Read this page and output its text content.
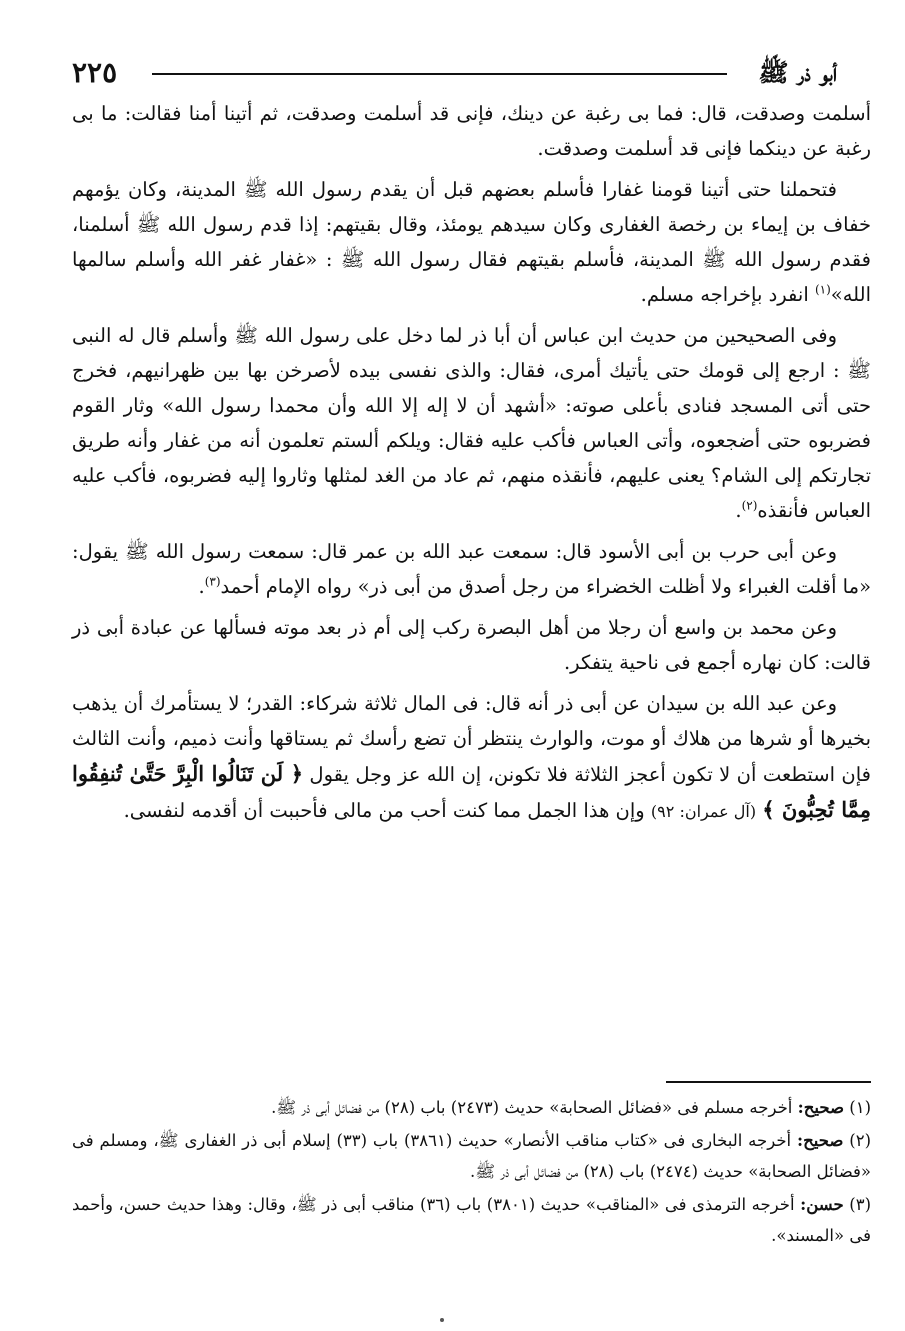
أبو ذر ﷺ
٢٢٥

أسلمت وصدقت، قال: فما بى رغبة عن دينك، فإنى قد أسلمت وصدقت، ثم أتينا أمنا فقالت: ما بى رغبة عن دينكما فإنى قد أسلمت وصدقت.

فتحملنا حتى أتينا قومنا غفارا فأسلم بعضهم قبل أن يقدم رسول الله ﷺ المدينة، وكان يؤمهم خفاف بن إيماء بن رخصة الغفارى وكان سيدهم يومئذ، وقال بقيتهم: إذا قدم رسول الله ﷺ أسلمنا، فقدم رسول الله ﷺ المدينة، فأسلم بقيتهم فقال رسول الله ﷺ : «غفار غفر الله وأسلم سالمها الله»$^{(١)}$ انفرد بإخراجه مسلم.

وفى الصحيحين من حديث ابن عباس أن أبا ذر لما دخل على رسول الله ﷺ وأسلم قال له النبى ﷺ : ارجع إلى قومك حتى يأتيك أمرى، فقال: والذى نفسى بيده لأصرخن بها بين ظهرانيهم، فخرج حتى أتى المسجد فنادى بأعلى صوته: «أشهد أن لا إله إلا الله وأن محمدا رسول الله» وثار القوم فضربوه حتى أضجعوه، وأتى العباس فأكب عليه فقال: ويلكم ألستم تعلمون أنه من غفار وأنه طريق تجارتكم إلى الشام؟ يعنى عليهم، فأنقذه منهم، ثم عاد من الغد لمثلها وثاروا إليه فضربوه، فأكب عليه العباس فأنقذه$^{(٢)}$.

وعن أبى حرب بن أبى الأسود قال: سمعت عبد الله بن عمر قال: سمعت رسول الله ﷺ يقول: «ما أقلت الغبراء ولا أظلت الخضراء من رجل أصدق من أبى ذر» رواه الإمام أحمد$^{(٣)}$.

وعن محمد بن واسع أن رجلا من أهل البصرة ركب إلى أم ذر بعد موته فسألها عن عبادة أبى ذر قالت: كان نهاره أجمع فى ناحية يتفكر.

وعن عبد الله بن سيدان عن أبى ذر أنه قال: فى المال ثلاثة شركاء: القدر؛ لا يستأمرك أن يذهب بخيرها أو شرها من هلاك أو موت، والوارث ينتظر أن تضع رأسك ثم يستاقها وأنت ذميم، وأنت الثالث فإن استطعت أن لا تكون أعجز الثلاثة فلا تكونن، إن الله عز وجل يقول ﴿ لَن تَنَالُوا الْبِرَّ حَتَّىٰ تُنفِقُوا مِمَّا تُحِبُّونَ ﴾ (آل عمران: ٩٢) وإن هذا الجمل مما كنت أحب من مالى فأحببت أن أقدمه لنفسى.

(١) صحيح: أخرجه مسلم فى «فضائل الصحابة» حديث (٢٤٧٣) باب (٢٨) من فضائل أبى ذر ﷺ.

(٢) صحيح: أخرجه البخارى فى «كتاب مناقب الأنصار» حديث (٣٨٦١) باب (٣٣) إسلام أبى ذر الغفارى ﷺ، ومسلم فى «فضائل الصحابة» حديث (٢٤٧٤) باب (٢٨) من فضائل أبى ذر ﷺ.

(٣) حسن: أخرجه الترمذى فى «المناقب» حديث (٣٨٠١) باب (٣٦) مناقب أبى ذر ﷺ، وقال: وهذا حديث حسن، وأحمد فى «المسند».
